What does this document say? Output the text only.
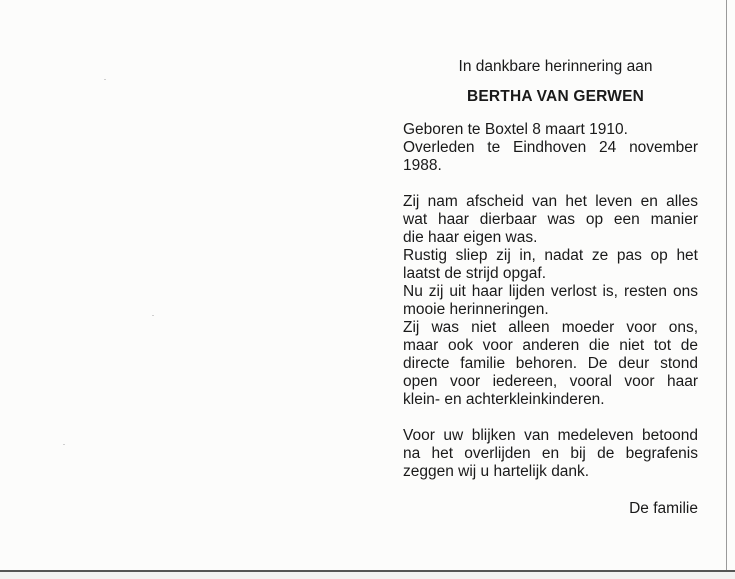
In dankbare herinnering aan
BERTHA VAN GERWEN
Geboren te Boxtel 8 maart 1910.
Overleden te Eindhoven 24 november
1988.
Zij nam afscheid van het leven en alles
wat haar dierbaar was op een manier
die haar eigen was.
Rustig sliep zij in, nadat ze pas op het
laatst de strijd opgaf.
Nu zij uit haar lijden verlost is, resten ons
mooie herinneringen.
Zij was niet alleen moeder voor ons,
maar ook voor anderen die niet tot de
directe familie behoren. De deur stond
open voor iedereen, vooral voor haar
klein- en achterkleinkinderen.
Voor uw blijken van medeleven betoond
na het overlijden en bij de begrafenis
zeggen wij u hartelijk dank.
De familie
